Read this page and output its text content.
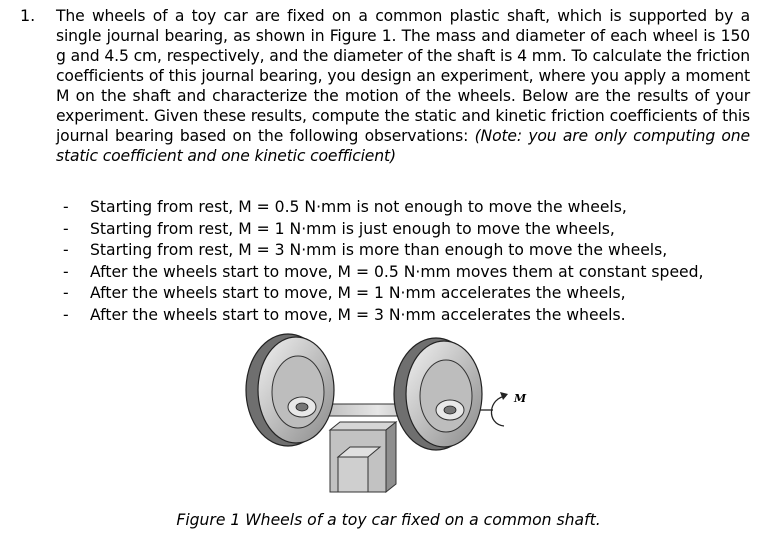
1. The wheels of a toy car are fixed on a common plastic shaft, which is supported by a single journal bearing, as shown in Figure 1. The mass and diameter of each wheel is 150 g and 4.5 cm, respectively, and the diameter of the shaft is 4 mm. To calculate the friction coefficients of this journal bearing, you design an experiment, where you apply a moment M on the shaft and characterize the motion of the wheels. Below are the results of your experiment. Given these results, compute the static and kinetic friction coefficients of this journal bearing based on the following observations: (Note: you are only computing one static coefficient and one kinetic coefficient)
- Starting from rest, M = 0.5 N·mm is not enough to move the wheels,
- Starting from rest, M = 1 N·mm is just enough to move the wheels,
- Starting from rest, M = 3 N·mm is more than enough to move the wheels,
- After the wheels start to move, M = 0.5 N·mm moves them at constant speed,
- After the wheels start to move, M = 1 N·mm accelerates the wheels,
- After the wheels start to move, M = 3 N·mm accelerates the wheels.
M
Figure 1 Wheels of a toy car fixed on a common shaft.
